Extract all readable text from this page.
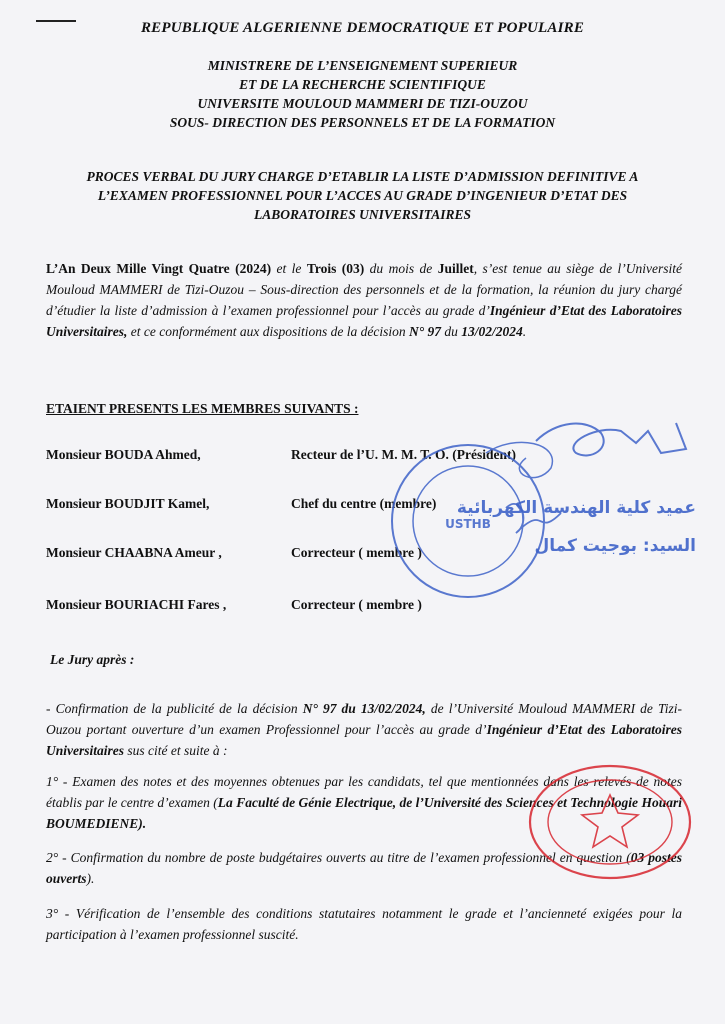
REPUBLIQUE ALGERIENNE DEMOCRATIQUE ET POPULAIRE
MINISTRERE DE L’ENSEIGNEMENT SUPERIEUR
ET DE LA RECHERCHE SCIENTIFIQUE
UNIVERSITE MOULOUD MAMMERI DE TIZI-OUZOU
SOUS- DIRECTION DES PERSONNELS ET DE LA FORMATION
PROCES VERBAL DU JURY CHARGE D’ETABLIR LA LISTE D’ADMISSION DEFINITIVE A
L’EXAMEN PROFESSIONNEL POUR L’ACCES AU GRADE D’INGENIEUR D’ETAT DES
LABORATOIRES UNIVERSITAIRES
L’An Deux Mille Vingt Quatre (2024) et le Trois (03) du mois de Juillet, s’est tenue au siège de l’Université Mouloud MAMMERI de Tizi-Ouzou – Sous-direction des personnels et de la formation, la réunion du jury chargé d’étudier la liste d’admission à l’examen professionnel pour l’accès au grade d’Ingénieur d’Etat des Laboratoires Universitaires, et ce conformément aux dispositions de la décision N° 97 du 13/02/2024.
ETAIENT PRESENTS LES MEMBRES SUIVANTS :
Monsieur BOUDA Ahmed,	Recteur de l’U. M. M. T. O. (Président)
Monsieur BOUDJIT Kamel,	Chef du centre (membre)
Monsieur CHAABNA Ameur ,	Correcteur ( membre )
Monsieur BOURIACHI Fares ,	Correcteur ( membre )
Le Jury après :
- Confirmation de la publicité de la décision N° 97 du 13/02/2024, de l’Université Mouloud MAMMERI de Tizi-Ouzou portant ouverture d’un examen Professionnel pour l’accès au grade d’Ingénieur d’Etat des Laboratoires Universitaires sus cité et suite à :
1° - Examen des notes et des moyennes obtenues par les candidats, tel que mentionnées dans les relevés de notes établis par le centre d’examen (La Faculté de Génie Electrique, de l’Université des Sciences et Technologie Houari BOUMEDIENE).
2° - Confirmation du nombre de poste budgétaires ouverts au titre de l’examen professionnel en question (03 postes ouverts).
3° - Vérification de l’ensemble des conditions statutaires notamment le grade et l’ancienneté exigées pour la participation à l’examen professionnel suscité.
USTHB
عميد كلية الهندسة الكهربائية
السيد: بوجيت كمال
